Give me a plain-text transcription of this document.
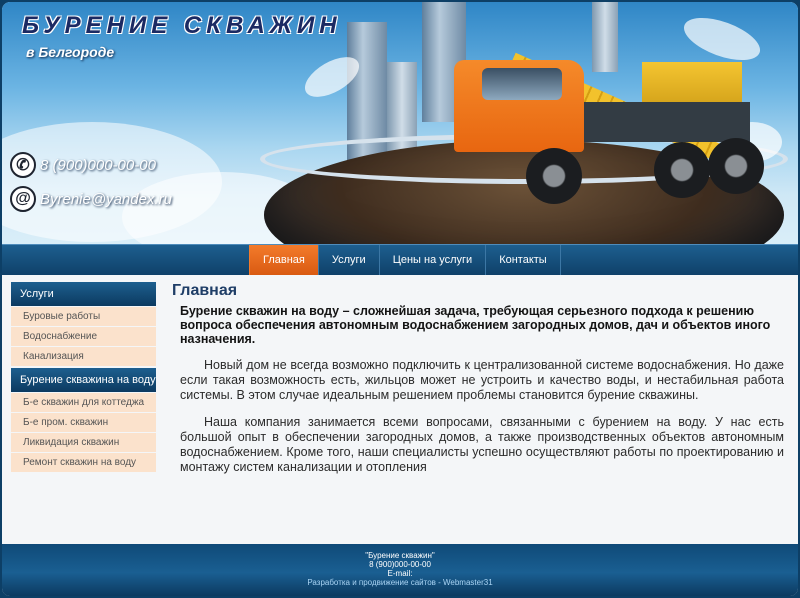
БУРЕНИЕ СКВАЖИН
в Белгороде
✆ 8 (900)000-00-00
@ Byrenie@yandex.ru
Главная	Услуги	Цены на услуги	Контакты
Услуги
Буровые работы
Водоснабжение
Канализация
Бурение скважина на воду
Б-е скважин для коттеджа
Б-е пром. скважин
Ликвидация скважин
Ремонт скважин на воду
Главная

Бурение скважин на воду – сложнейшая задача, требующая серьезного подхода к решению вопроса обеспечения автономным водоснабжением загородных домов, дач и объектов иного назначения.

Новый дом не всегда возможно подключить к централизованной системе водоснабжения. Но даже если такая возможность есть, жильцов может не устроить и качество воды, и нестабильная работа системы. В этом случае идеальным решением проблемы становится бурение скважины.

Наша компания занимается всеми вопросами, связанными с бурением на воду. У нас есть большой опыт в обеспечении загородных домов, а также производственных объектов автономным водоснабжением. Кроме того, наши специалисты успешно осуществляют работы по проектированию и монтажу систем канализации и отопления

"Бурение скважин"
8 (900)000-00-00
E-mail:
Разработка и продвижение сайтов - Webmaster31
